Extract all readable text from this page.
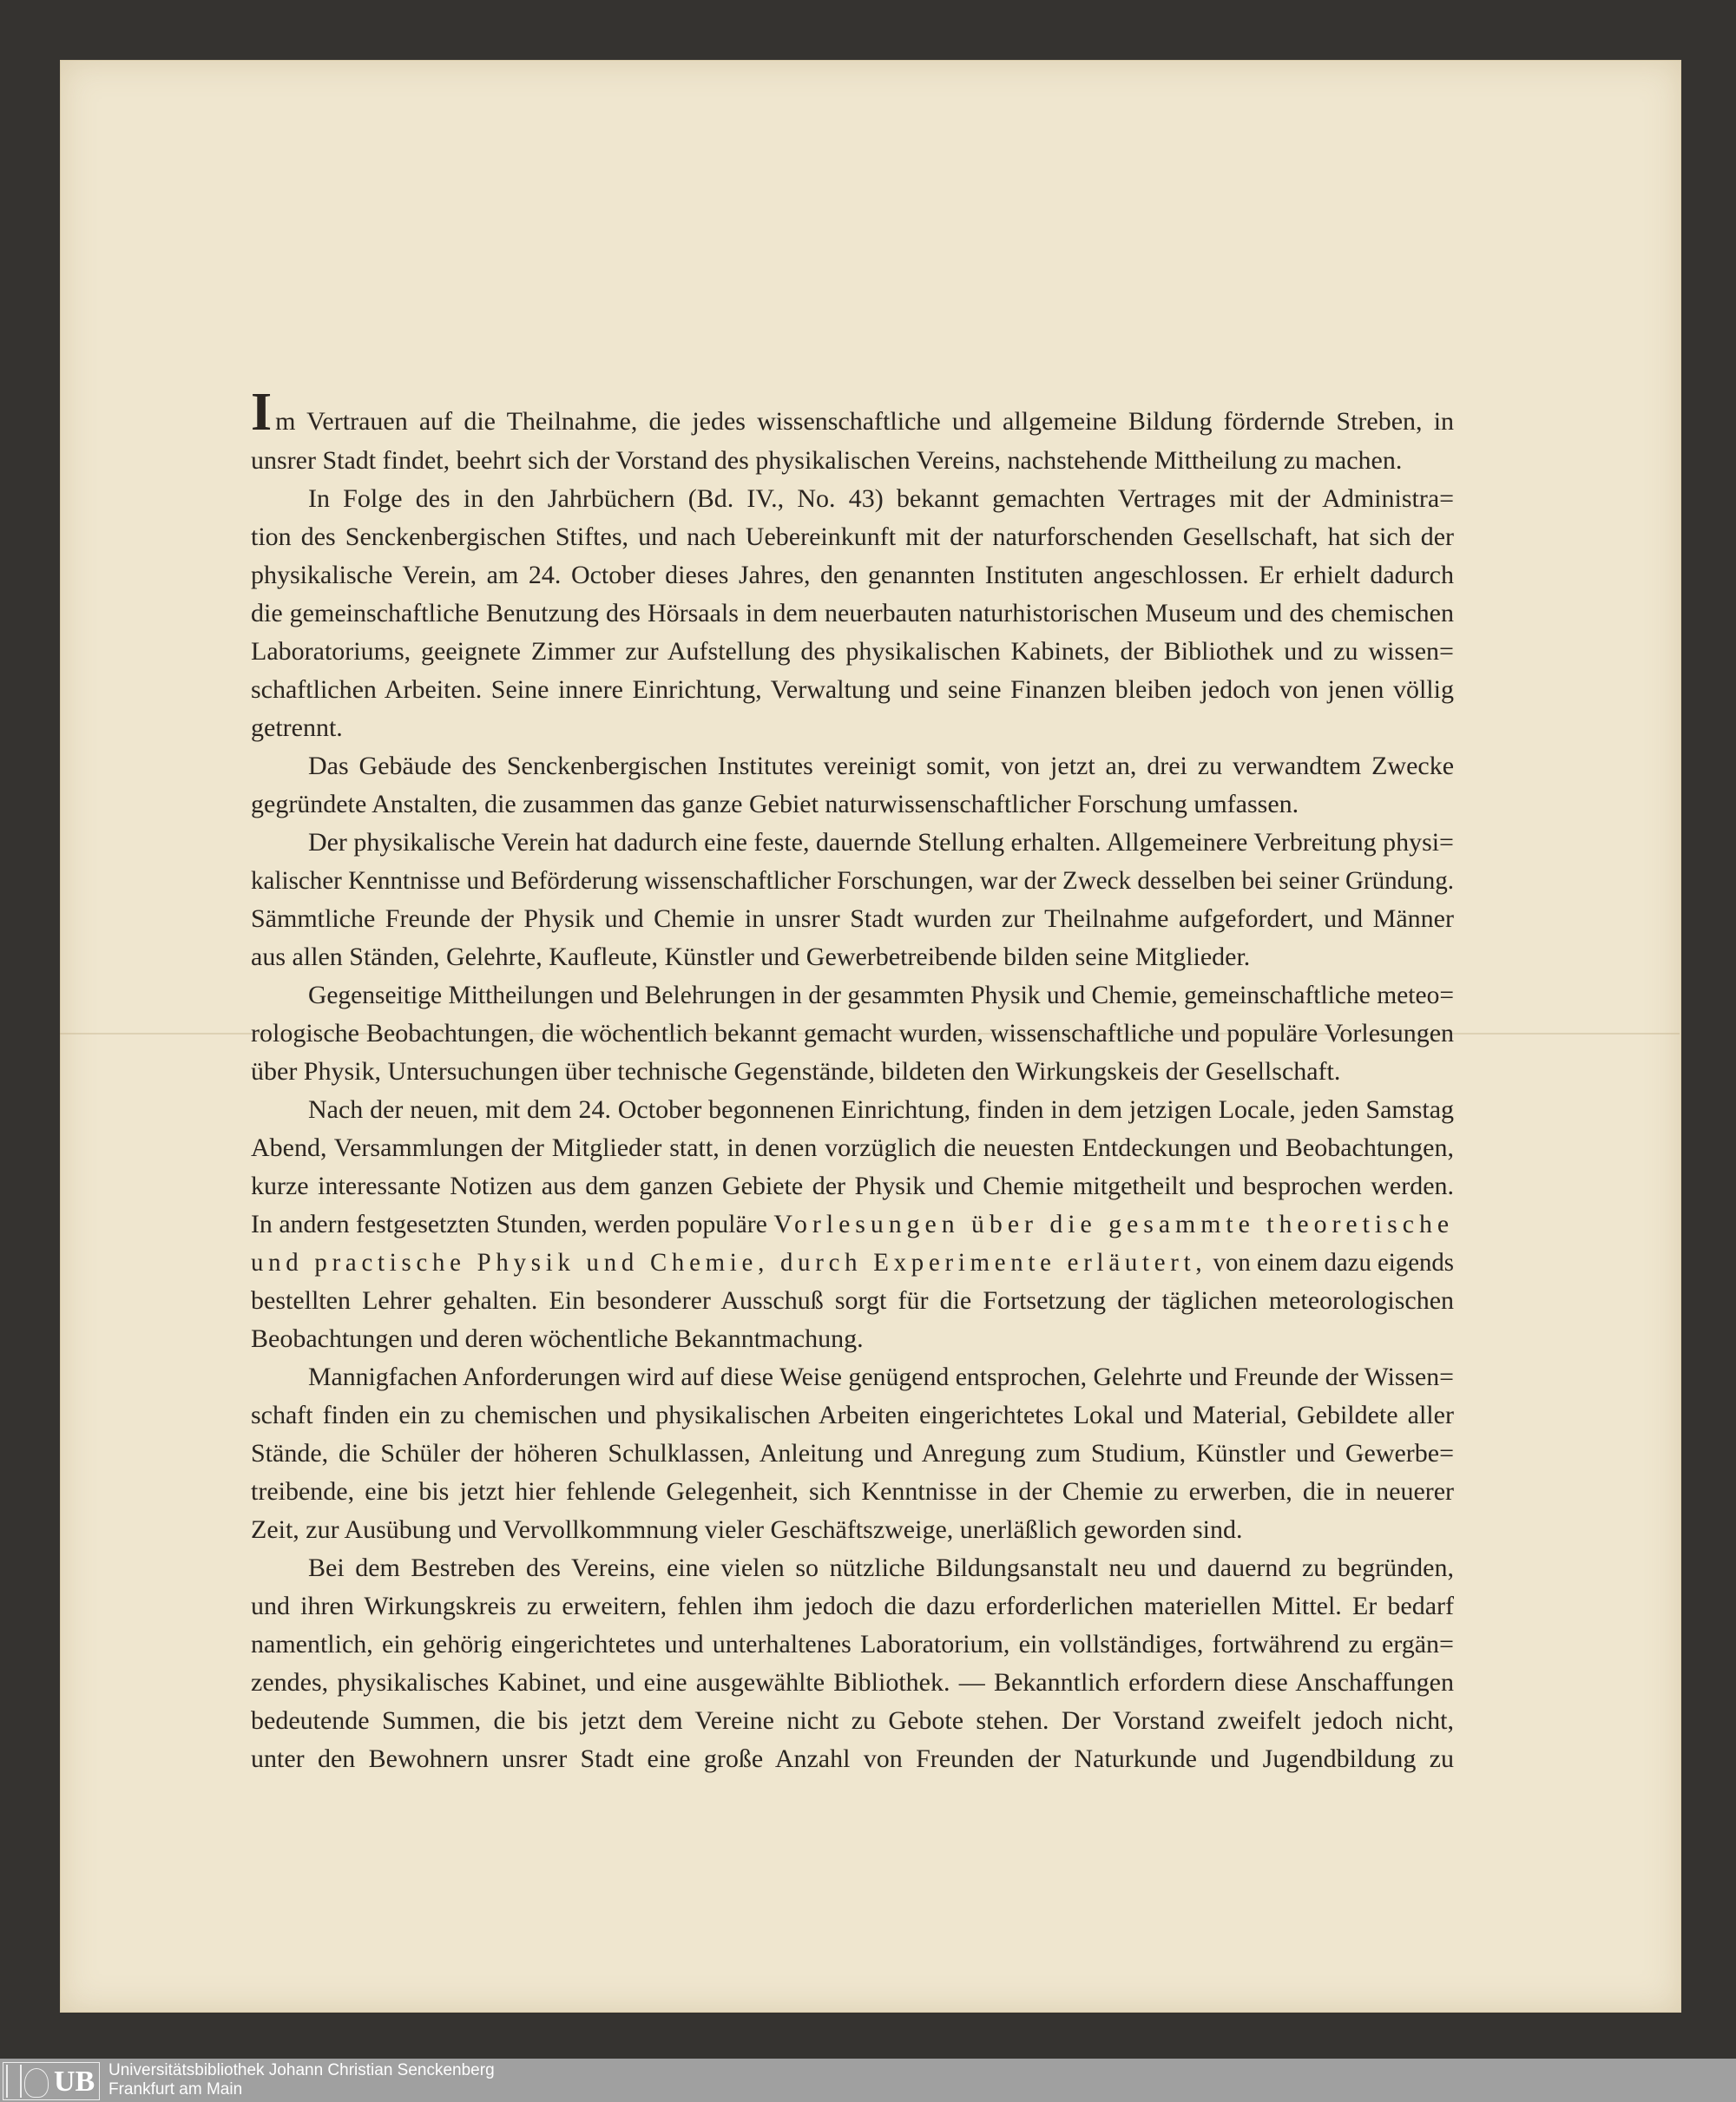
I m Vertrauen auf die Theilnahme, die jedes wissenschaftliche und allgemeine Bildung fördernde Streben, in
unsrer Stadt findet, beehrt sich der Vorstand des physikalischen Vereins, nachstehende Mittheilung zu machen.
In Folge des in den Jahrbüchern (Bd. IV., No. 43) bekannt gemachten Vertrages mit der Administra=
tion des Senckenbergischen Stiftes, und nach Uebereinkunft mit der naturforschenden Gesellschaft, hat sich der
physikalische Verein, am 24. October dieses Jahres, den genannten Instituten angeschlossen. Er erhielt dadurch
die gemeinschaftliche Benutzung des Hörsaals in dem neuerbauten naturhistorischen Museum und des chemischen
Laboratoriums, geeignete Zimmer zur Aufstellung des physikalischen Kabinets, der Bibliothek und zu wissen=
schaftlichen Arbeiten. Seine innere Einrichtung, Verwaltung und seine Finanzen bleiben jedoch von jenen völlig
getrennt.
Das Gebäude des Senckenbergischen Institutes vereinigt somit, von jetzt an, drei zu verwandtem Zwecke
gegründete Anstalten, die zusammen das ganze Gebiet naturwissenschaftlicher Forschung umfassen.
Der physikalische Verein hat dadurch eine feste, dauernde Stellung erhalten. Allgemeinere Verbreitung physi=
kalischer Kenntnisse und Beförderung wissenschaftlicher Forschungen, war der Zweck desselben bei seiner Gründung.
Sämmtliche Freunde der Physik und Chemie in unsrer Stadt wurden zur Theilnahme aufgefordert, und Männer
aus allen Ständen, Gelehrte, Kaufleute, Künstler und Gewerbetreibende bilden seine Mitglieder.
Gegenseitige Mittheilungen und Belehrungen in der gesammten Physik und Chemie, gemeinschaftliche meteo=
rologische Beobachtungen, die wöchentlich bekannt gemacht wurden, wissenschaftliche und populäre Vorlesungen
über Physik, Untersuchungen über technische Gegenstände, bildeten den Wirkungskeis der Gesellschaft.
Nach der neuen, mit dem 24. October begonnenen Einrichtung, finden in dem jetzigen Locale, jeden Samstag
Abend, Versammlungen der Mitglieder statt, in denen vorzüglich die neuesten Entdeckungen und Beobachtungen,
kurze interessante Notizen aus dem ganzen Gebiete der Physik und Chemie mitgetheilt und besprochen werden.
In andern festgesetzten Stunden, werden populäre Vorlesungen über die gesammte theoretische
und practische Physik und Chemie, durch Experimente erläutert, von einem dazu eigends
bestellten Lehrer gehalten. Ein besonderer Ausschuß sorgt für die Fortsetzung der täglichen meteorologischen
Beobachtungen und deren wöchentliche Bekanntmachung.
Mannigfachen Anforderungen wird auf diese Weise genügend entsprochen, Gelehrte und Freunde der Wissen=
schaft finden ein zu chemischen und physikalischen Arbeiten eingerichtetes Lokal und Material, Gebildete aller
Stände, die Schüler der höheren Schulklassen, Anleitung und Anregung zum Studium, Künstler und Gewerbe=
treibende, eine bis jetzt hier fehlende Gelegenheit, sich Kenntnisse in der Chemie zu erwerben, die in neuerer
Zeit, zur Ausübung und Vervollkommnung vieler Geschäftszweige, unerläßlich geworden sind.
Bei dem Bestreben des Vereins, eine vielen so nützliche Bildungsanstalt neu und dauernd zu begründen,
und ihren Wirkungskreis zu erweitern, fehlen ihm jedoch die dazu erforderlichen materiellen Mittel. Er bedarf
namentlich, ein gehörig eingerichtetes und unterhaltenes Laboratorium, ein vollständiges, fortwährend zu ergän=
zendes, physikalisches Kabinet, und eine ausgewählte Bibliothek. — Bekanntlich erfordern diese Anschaffungen
bedeutende Summen, die bis jetzt dem Vereine nicht zu Gebote stehen. Der Vorstand zweifelt jedoch nicht,
unter den Bewohnern unsrer Stadt eine große Anzahl von Freunden der Naturkunde und Jugendbildung zu
UB Universitätsbibliothek Johann Christian Senckenberg
Frankfurt am Main
